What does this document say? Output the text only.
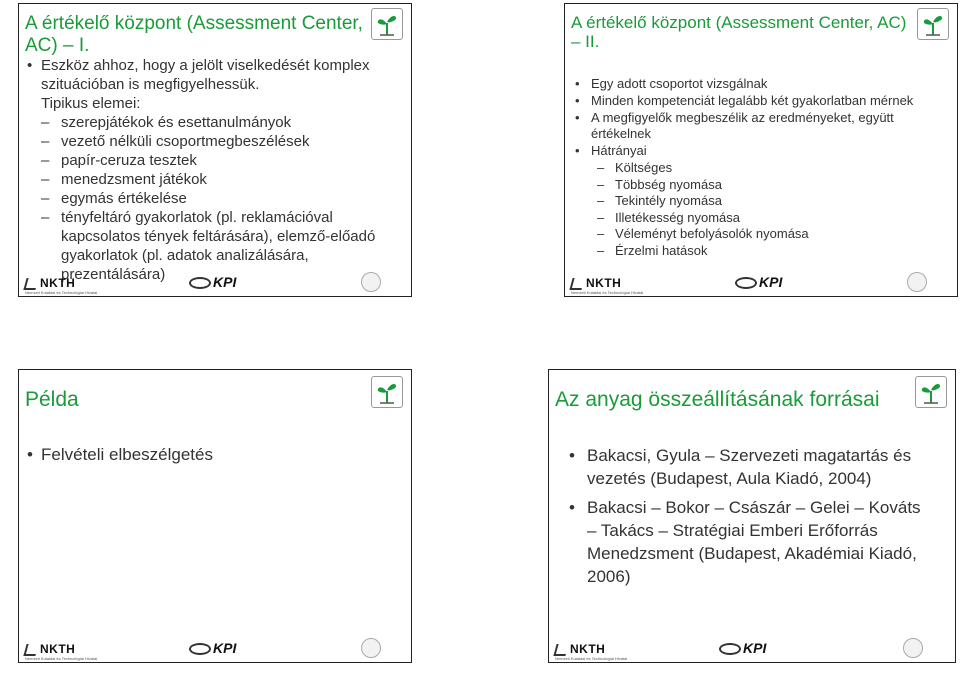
A értékelő központ (Assessment Center, AC) – I.
• Eszköz ahhoz, hogy a jelölt viselkedését komplex szituációban is megfigyelhessük.
Tipikus elemei:
– szerepjátékok és esettanulmányok
– vezető nélküli csoportmegbeszélések
– papír-ceruza tesztek
– menedzsment játékok
– egymás értékelése
– tényfeltáró gyakorlatok (pl. reklamációval kapcsolatos tények feltárására), elemző-előadó gyakorlatok (pl. adatok analizálására, prezentálására)
NKTH
Nemzeti Kutatási és Technológiai Hivatal
KPI
A értékelő központ (Assessment Center, AC) – II.
• Egy adott csoportot vizsgálnak
• Minden kompetenciát legalább két gyakorlatban mérnek
• A megfigyelők megbeszélik az eredményeket, együtt értékelnek
• Hátrányai
– Költséges
– Többség nyomása
– Tekintély nyomása
– Illetékesség nyomása
– Véleményt befolyásolók nyomása
– Érzelmi hatások
NKTH
Nemzeti Kutatási és Technológiai Hivatal
KPI
Példa
• Felvételi elbeszélgetés
NKTH
Nemzeti Kutatási és Technológiai Hivatal
KPI
Az anyag összeállításának forrásai
• Bakacsi, Gyula – Szervezeti magatartás és vezetés (Budapest, Aula Kiadó, 2004)
• Bakacsi – Bokor – Császár – Gelei – Kováts – Takács – Stratégiai Emberi Erőforrás Menedzsment (Budapest, Akadémiai Kiadó, 2006)
NKTH
Nemzeti Kutatási és Technológiai Hivatal
KPI
